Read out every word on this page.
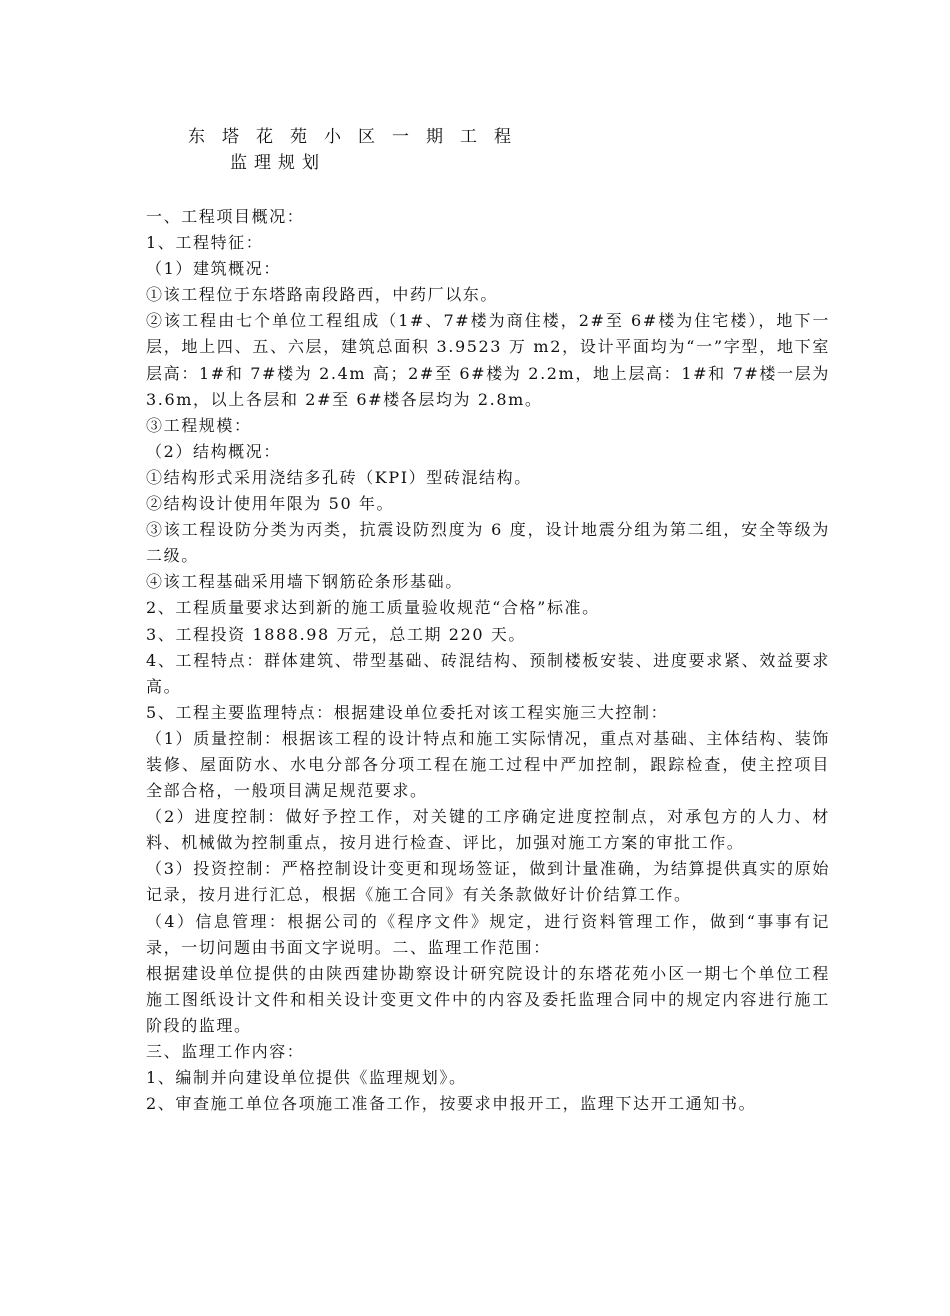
东塔花苑小区一期工程
监理规划

一、工程项目概况：

1、工程特征：

（1）建筑概况：

①该工程位于东塔路南段路西，中药厂以东。

②该工程由七个单位工程组成（1#、7#楼为商住楼，2#至 6#楼为住宅楼），地下一层，地上四、五、六层，建筑总面积 3.9523 万 m2，设计平面均为“一”字型，地下室层高：1#和 7#楼为 2.4m 高；2#至 6#楼为 2.2m，地上层高：1#和 7#楼一层为 3.6m，以上各层和 2#至 6#楼各层均为 2.8m。

③工程规模：

（2）结构概况：

①结构形式采用浇结多孔砖（KPI）型砖混结构。

②结构设计使用年限为 50 年。

③该工程设防分类为丙类，抗震设防烈度为 6 度，设计地震分组为第二组，安全等级为二级。

④该工程基础采用墙下钢筋砼条形基础。

2、工程质量要求达到新的施工质量验收规范“合格”标准。

3、工程投资 1888.98 万元，总工期 220 天。

4、工程特点：群体建筑、带型基础、砖混结构、预制楼板安装、进度要求紧、效益要求高。

5、工程主要监理特点：根据建设单位委托对该工程实施三大控制：

（1）质量控制：根据该工程的设计特点和施工实际情况，重点对基础、主体结构、装饰装修、屋面防水、水电分部各分项工程在施工过程中严加控制，跟踪检查，使主控项目全部合格，一般项目满足规范要求。

（2）进度控制：做好予控工作，对关键的工序确定进度控制点，对承包方的人力、材料、机械做为控制重点，按月进行检查、评比，加强对施工方案的审批工作。

（3）投资控制：严格控制设计变更和现场签证，做到计量准确，为结算提供真实的原始记录，按月进行汇总，根据《施工合同》有关条款做好计价结算工作。

（4）信息管理：根据公司的《程序文件》规定，进行资料管理工作，做到“事事有记录，一切问题由书面文字说明。二、监理工作范围：

根据建设单位提供的由陕西建协勘察设计研究院设计的东塔花苑小区一期七个单位工程施工图纸设计文件和相关设计变更文件中的内容及委托监理合同中的规定内容进行施工阶段的监理。

三、监理工作内容：

1、编制并向建设单位提供《监理规划》。

2、审查施工单位各项施工准备工作，按要求申报开工，监理下达开工通知书。
